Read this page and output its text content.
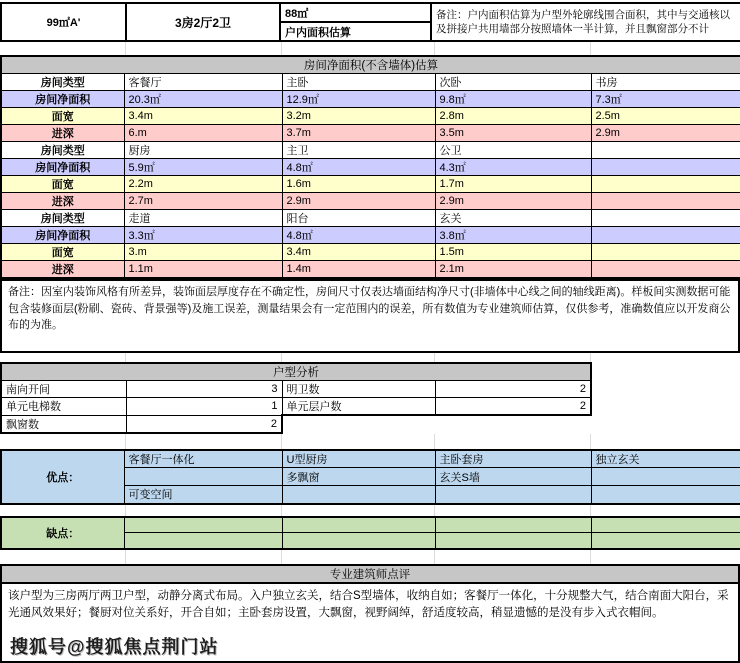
99㎡A'	3房2厅2卫	88㎡	备注：户内面积估算为户型外轮廓线围合面积，其中与交通核以及拼接户共用墙部分按照墙体一半计算，并且飘窗部分不计
户内面积估算
房间净面积(不含墙体)估算				
房间类型	客餐厅	主卧	次卧	书房
房间净面积	20.3㎡	12.9㎡	9.8㎡	7.3㎡
面宽	3.4m	3.2m	2.8m	2.5m
进深	6.m	3.7m	3.5m	2.9m
房间类型	厨房	主卫	公卫	
房间净面积	5.9㎡	4.8㎡	4.3㎡	
面宽	2.2m	1.6m	1.7m	
进深	2.7m	2.9m	2.9m	
房间类型	走道	阳台	玄关	
房间净面积	3.3㎡	4.8㎡	3.8㎡	
面宽	3.m	3.4m	1.5m	
进深	1.1m	1.4m	2.1m	
备注：因室内装饰风格有所差异，装饰面层厚度存在不确定性，房间尺寸仅表达墙面结构净尺寸(非墙体中心线之间的轴线距离)。样板间实测数据可能包含装修面层(粉刷、瓷砖、背景强等)及施工误差，测量结果会有一定范围内的误差，所有数值为专业建筑师估算，仅供参考，准确数值应以开发商公布的为准。
户型分析			
南向开间	3	明卫数	2
单元电梯数	1	单元层户数	2
飘窗数	2		
优点：	客餐厅一体化	U型厨房	主卧套房	独立玄关
		多飘窗	玄关S墙	
	可变空间			
缺点：				

专业建筑师点评
该户型为三房两厅两卫户型，动静分离式布局。入户独立玄关，结合S型墙体，收纳自如；客餐厅一体化，十分规整大气，结合南面大阳台，采光通风效果好；餐厨对位关系好，开合自如；主卧套房设置，大飘窗，视野阔绰，舒适度较高，稍显遗憾的是没有步入式衣帽间。
搜狐号@搜狐焦点荆门站
